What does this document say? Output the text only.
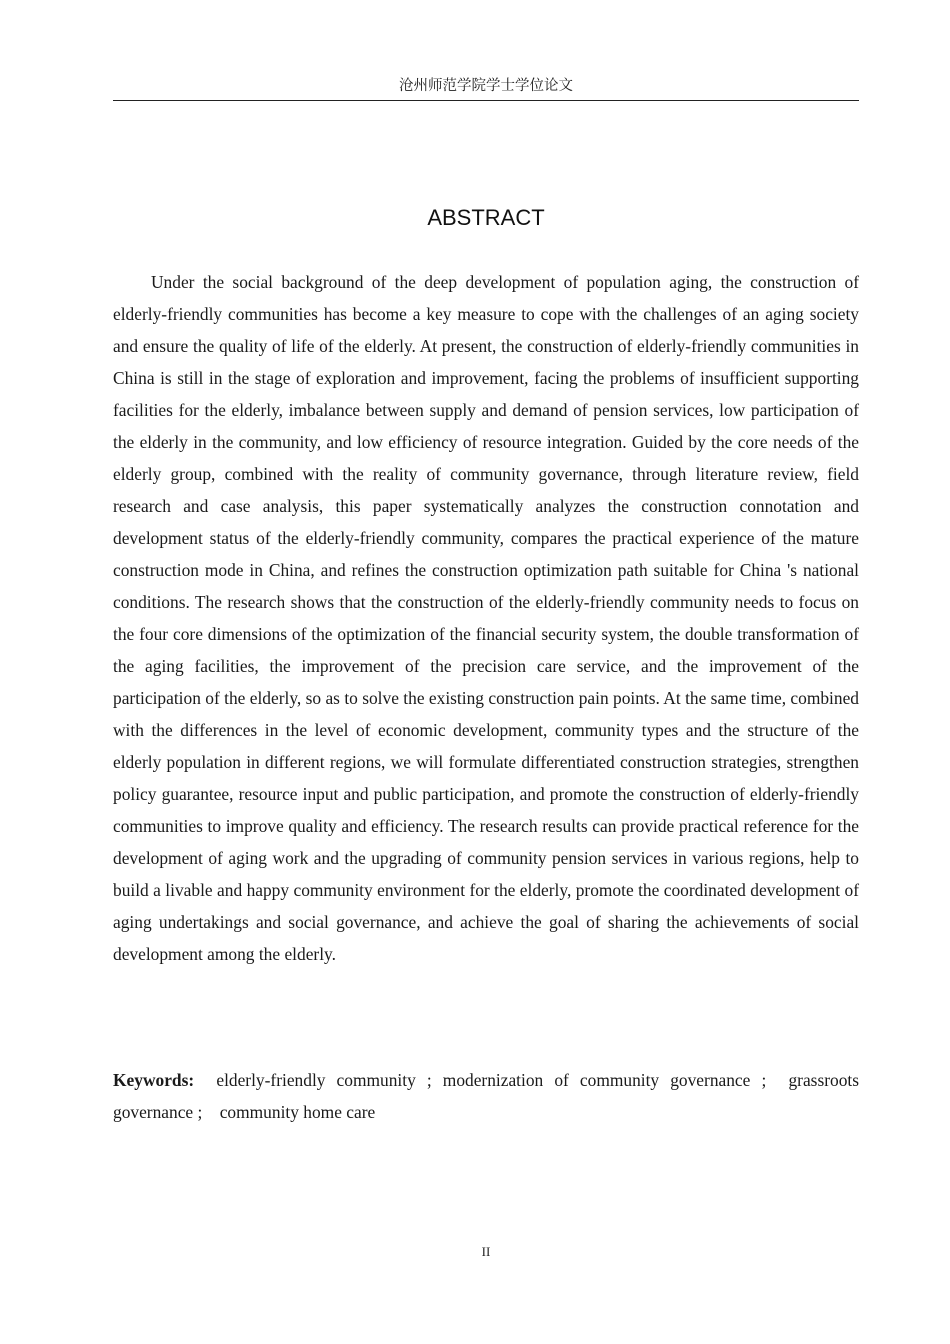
沧州师范学院学士学位论文
ABSTRACT

Under the social background of the deep development of population aging, the construction of elderly-friendly communities has become a key measure to cope with the challenges of an aging society and ensure the quality of life of the elderly. At present, the construction of elderly-friendly communities in China is still in the stage of exploration and improvement, facing the problems of insufficient supporting facilities for the elderly, imbalance between supply and demand of pension services, low participation of the elderly in the community, and low efficiency of resource integration. Guided by the core needs of the elderly group, combined with the reality of community governance, through literature review, field research and case analysis, this paper systematically analyzes the construction connotation and development status of the elderly-friendly community, compares the practical experience of the mature construction mode in China, and refines the construction optimization path suitable for China 's national conditions. The research shows that the construction of the elderly-friendly community needs to focus on the four core dimensions of the optimization of the financial security system, the double transformation of the aging facilities, the improvement of the precision care service, and the improvement of the participation of the elderly, so as to solve the existing construction pain points. At the same time, combined with the differences in the level of economic development, community types and the structure of the elderly population in different regions, we will formulate differentiated construction strategies, strengthen policy guarantee, resource input and public participation, and promote the construction of elderly-friendly communities to improve quality and efficiency. The research results can provide practical reference for the development of aging work and the upgrading of community pension services in various regions, help to build a livable and happy community environment for the elderly, promote the coordinated development of aging undertakings and social governance, and achieve the goal of sharing the achievements of social development among the elderly.

Keywords: elderly-friendly community ; modernization of community governance ;  grassroots governance ;    community home care

II
